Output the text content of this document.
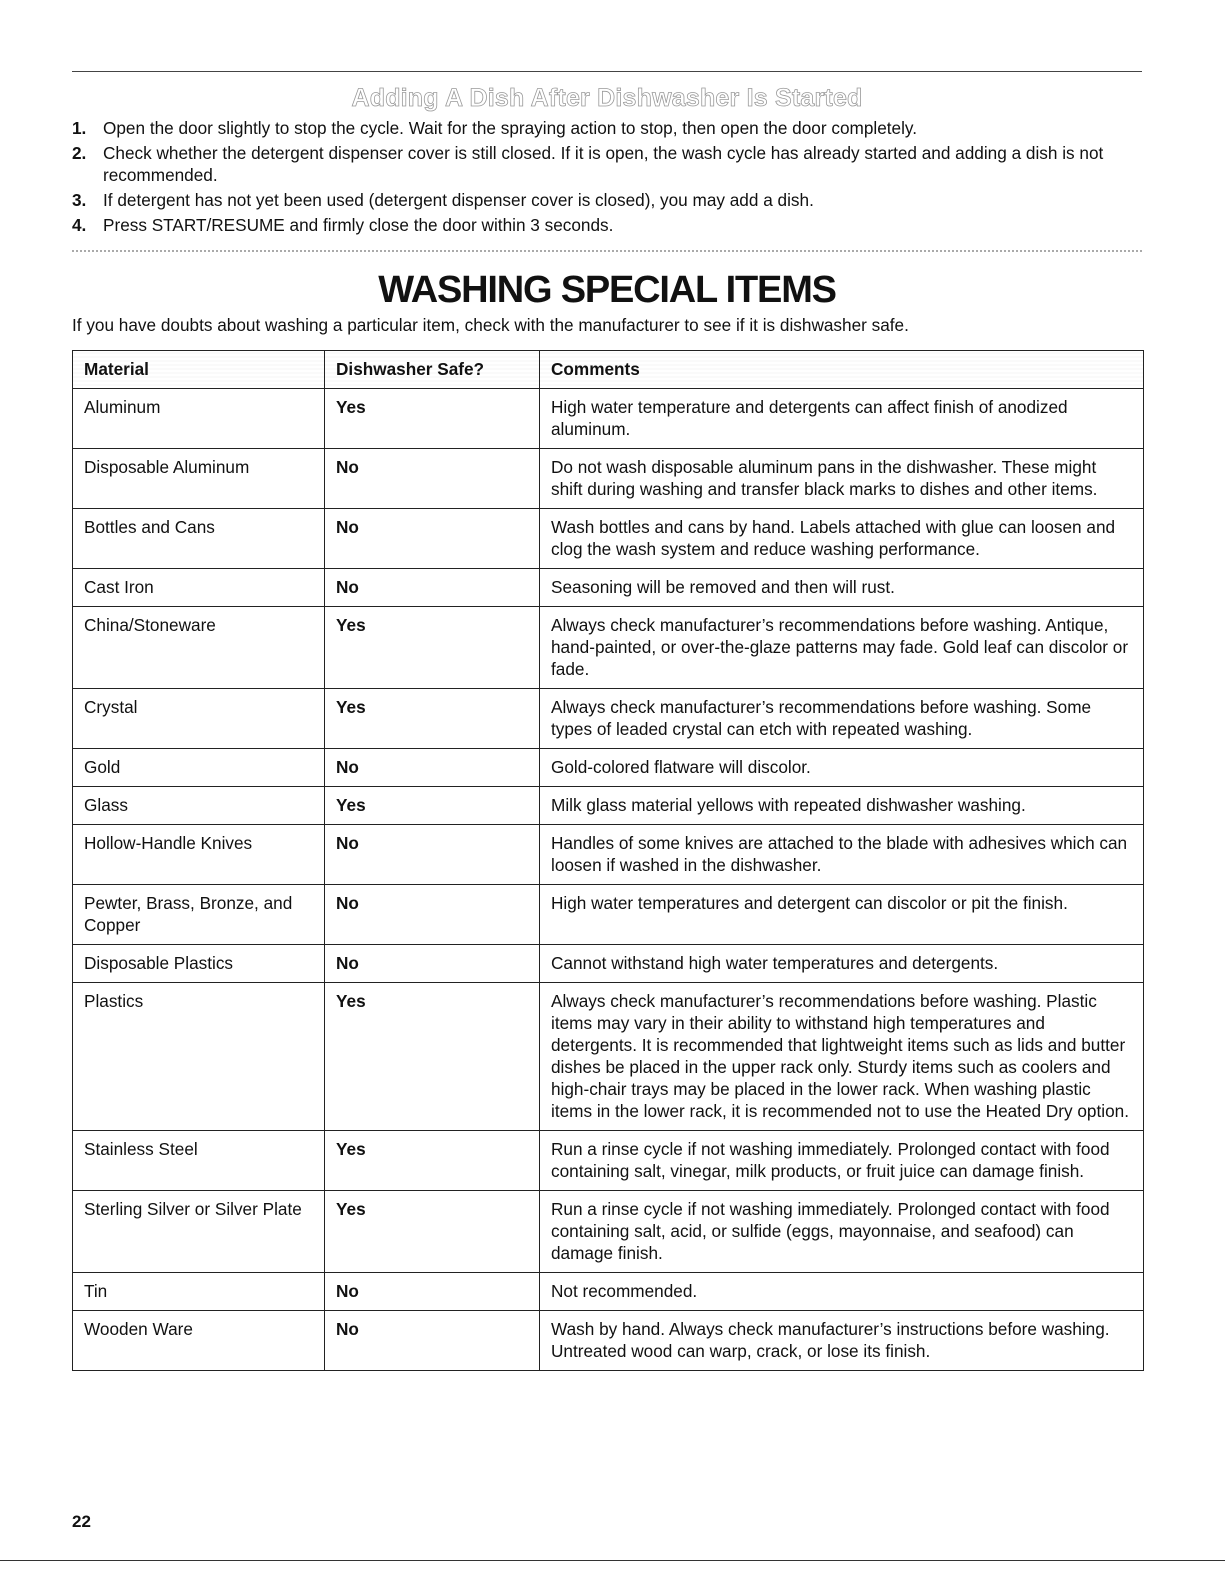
Adding A Dish After Dishwasher Is Started
1. Open the door slightly to stop the cycle. Wait for the spraying action to stop, then open the door completely.
2. Check whether the detergent dispenser cover is still closed. If it is open, the wash cycle has already started and adding a dish is not recommended.
3. If detergent has not yet been used (detergent dispenser cover is closed), you may add a dish.
4. Press START/RESUME and firmly close the door within 3 seconds.
WASHING SPECIAL ITEMS
If you have doubts about washing a particular item, check with the manufacturer to see if it is dishwasher safe.
Material	Dishwasher Safe?	Comments
Aluminum	Yes	High water temperature and detergents can affect finish of anodized aluminum.
Disposable Aluminum	No	Do not wash disposable aluminum pans in the dishwasher. These might shift during washing and transfer black marks to dishes and other items.
Bottles and Cans	No	Wash bottles and cans by hand. Labels attached with glue can loosen and clog the wash system and reduce washing performance.
Cast Iron	No	Seasoning will be removed and then will rust.
China/Stoneware	Yes	Always check manufacturer’s recommendations before washing. Antique, hand-painted, or over-the-glaze patterns may fade. Gold leaf can discolor or fade.
Crystal	Yes	Always check manufacturer’s recommendations before washing. Some types of leaded crystal can etch with repeated washing.
Gold	No	Gold-colored flatware will discolor.
Glass	Yes	Milk glass material yellows with repeated dishwasher washing.
Hollow-Handle Knives	No	Handles of some knives are attached to the blade with adhesives which can loosen if washed in the dishwasher.
Pewter, Brass, Bronze, and Copper	No	High water temperatures and detergent can discolor or pit the finish.
Disposable Plastics	No	Cannot withstand high water temperatures and detergents.
Plastics	Yes	Always check manufacturer’s recommendations before washing. Plastic items may vary in their ability to withstand high temperatures and detergents. It is recommended that lightweight items such as lids and butter dishes be placed in the upper rack only. Sturdy items such as coolers and high-chair trays may be placed in the lower rack. When washing plastic items in the lower rack, it is recommended not to use the Heated Dry option.
Stainless Steel	Yes	Run a rinse cycle if not washing immediately. Prolonged contact with food containing salt, vinegar, milk products, or fruit juice can damage finish.
Sterling Silver or Silver Plate	Yes	Run a rinse cycle if not washing immediately. Prolonged contact with food containing salt, acid, or sulfide (eggs, mayonnaise, and seafood) can damage finish.
Tin	No	Not recommended.
Wooden Ware	No	Wash by hand. Always check manufacturer’s instructions before washing. Untreated wood can warp, crack, or lose its finish.
22
